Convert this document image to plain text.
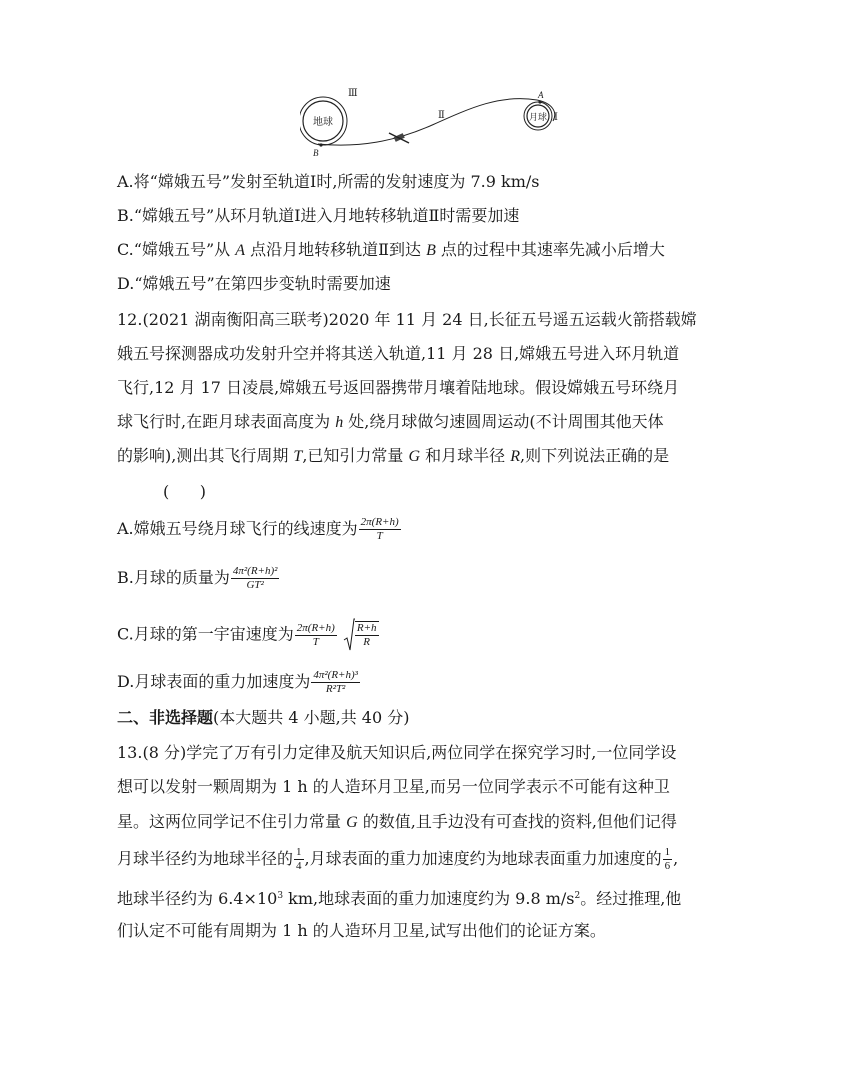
地球	月球
Ⅲ
Ⅱ	Ⅰ
A
B
A.将“嫦娥五号”发射至轨道Ⅰ时,所需的发射速度为 7.9 km/s
B.“嫦娥五号”从环月轨道Ⅰ进入月地转移轨道Ⅱ时需要加速
C.“嫦娥五号”从 A 点沿月地转移轨道Ⅱ到达 B 点的过程中其速率先减小后增大
D.“嫦娥五号”在第四步变轨时需要加速
12.(2021 湖南衡阳高三联考)2020 年 11 月 24 日,长征五号遥五运载火箭搭载嫦
娥五号探测器成功发射升空并将其送入轨道,11 月 28 日,嫦娥五号进入环月轨道
飞行,12 月 17 日凌晨,嫦娥五号返回器携带月壤着陆地球。假设嫦娥五号环绕月
球飞行时,在距月球表面高度为 h 处,绕月球做匀速圆周运动(不计周围其他天体
的影响),测出其飞行周期 T,已知引力常量 G 和月球半径 R,则下列说法正确的是
(      )
A.嫦娥五号绕月球飞行的线速度为 $\frac{2\pi(R+h)}{T}$
B.月球的质量为 $\frac{\text{4π²(R+h)²}}{\text{GT²}}$
C.月球的第一宇宙速度为 $\frac{2\pi(R+h)}{T}$
$\frac{R+h}{R}$
D.月球表面的重力加速度为 $\frac{\text{4π²(R+h)³}}{\text{R²T²}}$
二、非选择题(本大题共 4 小题,共 40 分)
13.(8 分)学完了万有引力定律及航天知识后,两位同学在探究学习时,一位同学设
想可以发射一颗周期为 1 h 的人造环月卫星,而另一位同学表示不可能有这种卫
星。这两位同学记不住引力常量 G 的数值,且手边没有可查找的资料,但他们记得
月球半径约为地球半径的 $\frac{1}{4}$ ,月球表面的重力加速度约为地球表面重力加速度的 $\frac{1}{6}$ ,
地球半径约为 $6.4\times 10^3$ km,地球表面的重力加速度约为 9.8 $m/s^2$。经过推理,他
们认定不可能有周期为 1 h 的人造环月卫星,试写出他们的论证方案。
